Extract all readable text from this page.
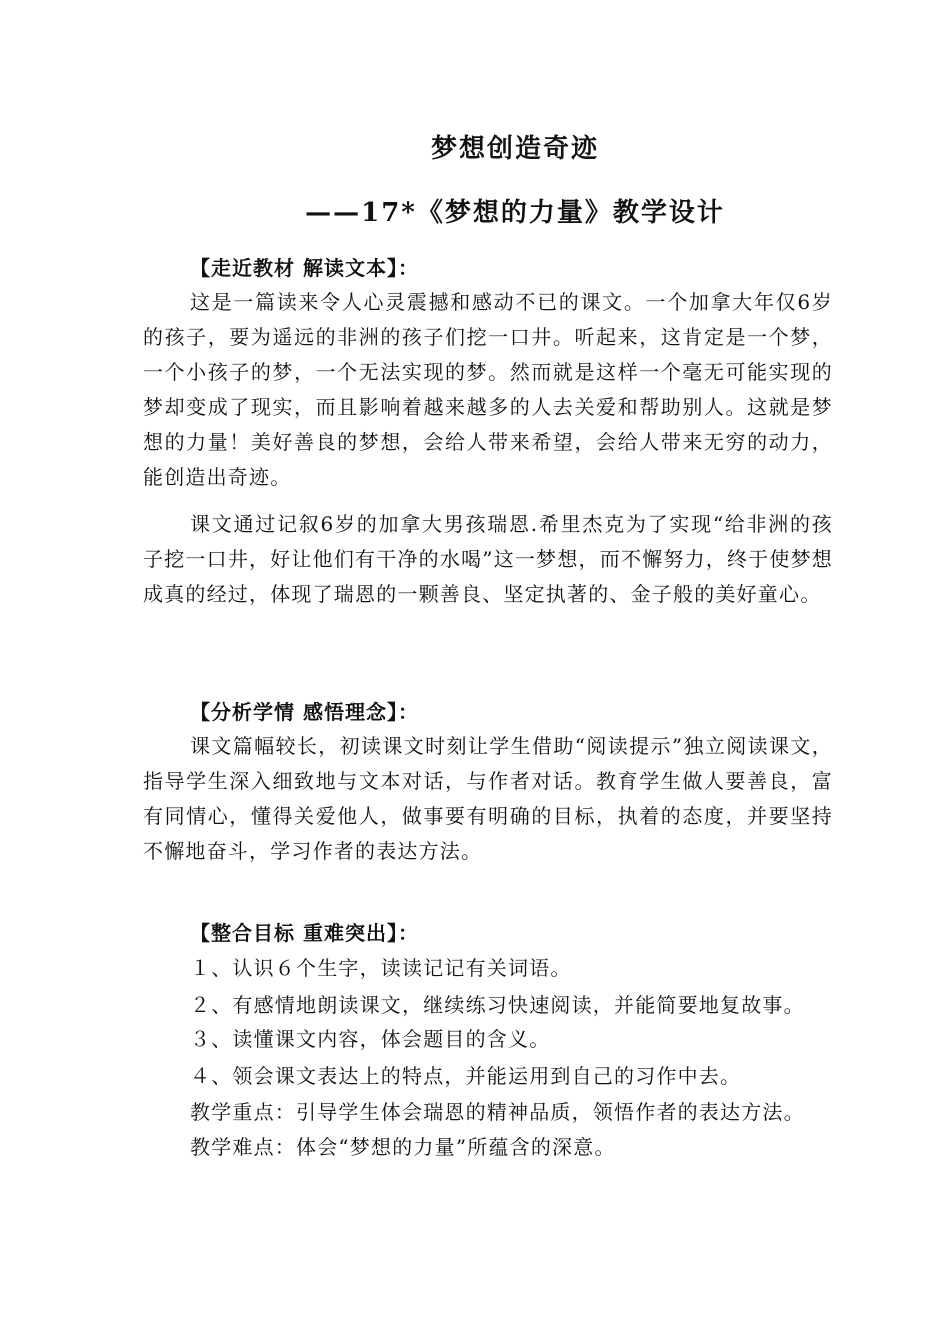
梦想创造奇迹
——17*《梦想的力量》教学设计
【走近教材 解读文本】：

这是一篇读来令人心灵震撼和感动不已的课文。一个加拿大年仅6岁的孩子，要为遥远的非洲的孩子们挖一口井。听起来，这肯定是一个梦，一个小孩子的梦，一个无法实现的梦。然而就是这样一个毫无可能实现的梦却变成了现实，而且影响着越来越多的人去关爱和帮助别人。这就是梦想的力量！美好善良的梦想，会给人带来希望，会给人带来无穷的动力，能创造出奇迹。

课文通过记叙6岁的加拿大男孩瑞恩.希里杰克为了实现“给非洲的孩子挖一口井，好让他们有干净的水喝”这一梦想，而不懈努力，终于使梦想成真的经过，体现了瑞恩的一颗善良、坚定执著的、金子般的美好童心。

【分析学情 感悟理念】：

课文篇幅较长，初读课文时刻让学生借助“阅读提示”独立阅读课文，指导学生深入细致地与文本对话，与作者对话。教育学生做人要善良，富有同情心，懂得关爱他人，做事要有明确的目标，执着的态度，并要坚持不懈地奋斗，学习作者的表达方法。

【整合目标 重难突出】：
１、认识６个生字，读读记记有关词语。
２、有感情地朗读课文，继续练习快速阅读，并能简要地复故事。
３、读懂课文内容，体会题目的含义。
４、领会课文表达上的特点，并能运用到自己的习作中去。
教学重点：引导学生体会瑞恩的精神品质，领悟作者的表达方法。
教学难点：体会“梦想的力量”所蕴含的深意。
